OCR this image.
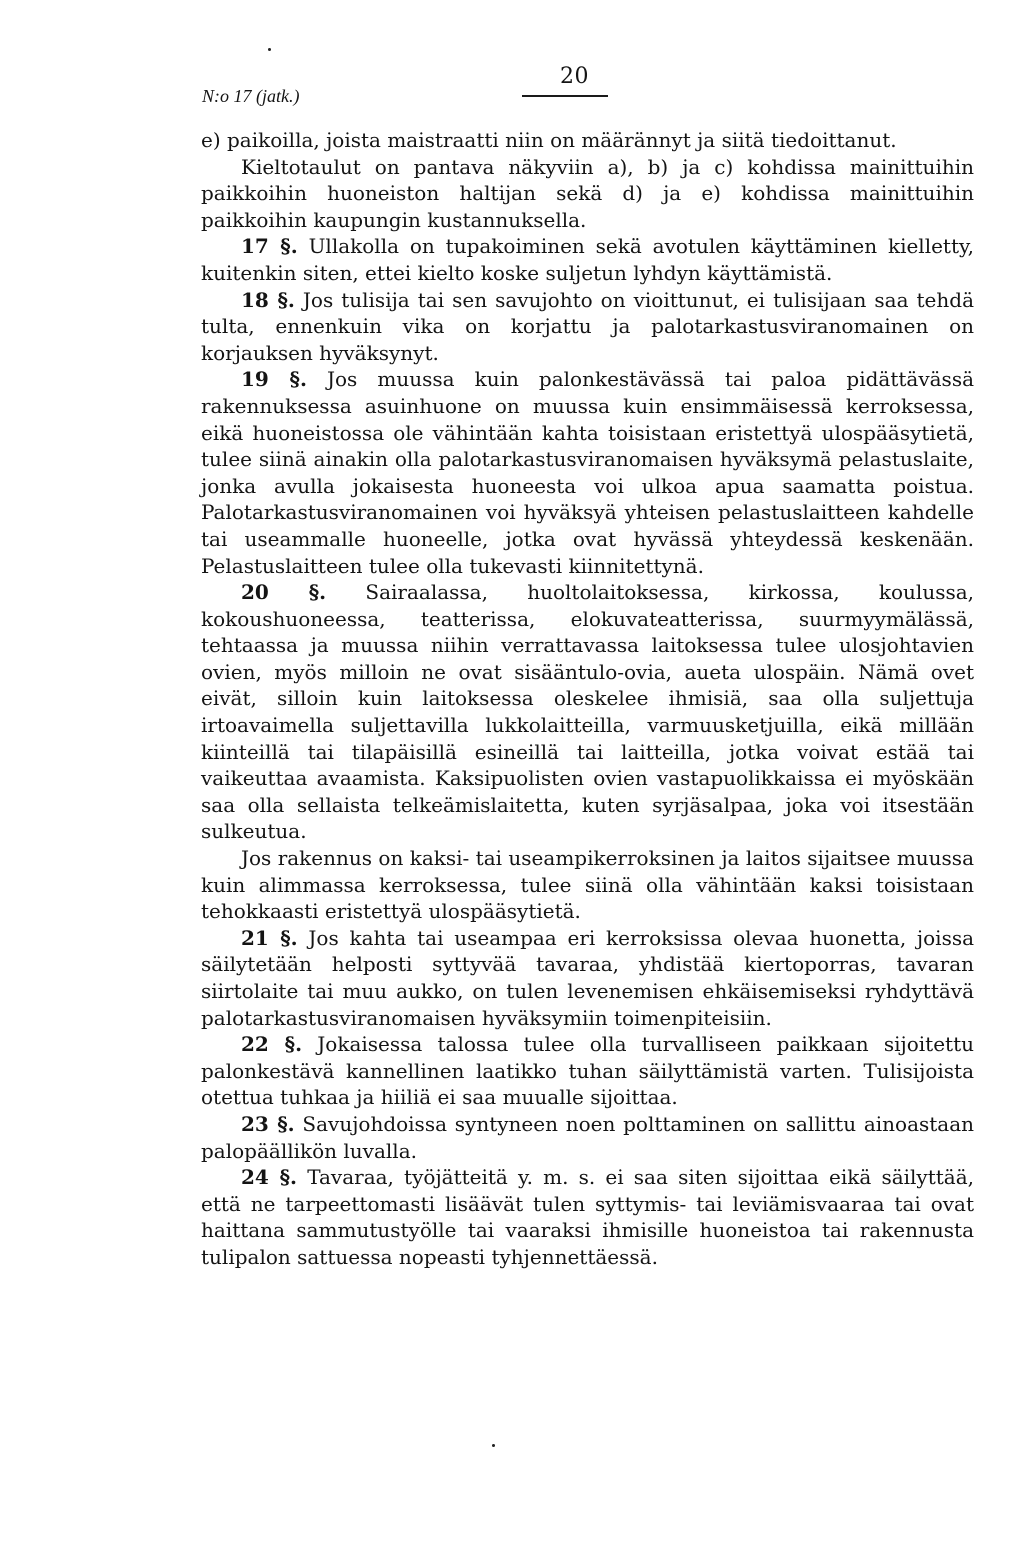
20
N:o 17 (jatk.)

e) paikoilla, joista maistraatti niin on määrännyt ja siitä tiedoittanut.

Kieltotaulut on pantava näkyviin a), b) ja c) kohdissa mainittuihin paikkoihin huoneiston haltijan sekä d) ja e) kohdissa mainittuihin paikkoihin kaupungin kustannuksella.

17 §. Ullakolla on tupakoiminen sekä avotulen käyttäminen kielletty, kuitenkin siten, ettei kielto koske suljetun lyhdyn käyttämistä.

18 §. Jos tulisija tai sen savujohto on vioittunut, ei tulisijaan saa tehdä tulta, ennenkuin vika on korjattu ja palotarkastusviranomainen on korjauksen hyväksynyt.

19 §. Jos muussa kuin palonkestävässä tai paloa pidättävässä rakennuksessa asuinhuone on muussa kuin ensimmäisessä kerroksessa, eikä huoneistossa ole vähintään kahta toisistaan eristettyä ulospääsytietä, tulee siinä ainakin olla palotarkastusviranomaisen hyväksymä pelastuslaite, jonka avulla jokaisesta huoneesta voi ulkoa apua saamatta poistua. Palotarkastusviranomainen voi hyväksyä yhteisen pelastuslaitteen kahdelle tai useammalle huoneelle, jotka ovat hyvässä yhteydessä keskenään. Pelastuslaitteen tulee olla tukevasti kiinnitettynä.

20 §. Sairaalassa, huoltolaitoksessa, kirkossa, koulussa, kokoushuoneessa, teatterissa, elokuvateatterissa, suurmyymälässä, tehtaassa ja muussa niihin verrattavassa laitoksessa tulee ulosjohtavien ovien, myös milloin ne ovat sisääntulo-ovia, aueta ulospäin. Nämä ovet eivät, silloin kuin laitoksessa oleskelee ihmisiä, saa olla suljettuja irtoavaimella suljettavilla lukkolaitteilla, varmuusketjuilla, eikä millään kiinteillä tai tilapäisillä esineillä tai laitteilla, jotka voivat estää tai vaikeuttaa avaamista. Kaksipuolisten ovien vastapuolikkaissa ei myöskään saa olla sellaista telkeämislaitetta, kuten syrjäsalpaa, joka voi itsestään sulkeutua.

Jos rakennus on kaksi- tai useampikerroksinen ja laitos sijaitsee muussa kuin alimmassa kerroksessa, tulee siinä olla vähintään kaksi toisistaan tehokkaasti eristettyä ulospääsytietä.

21 §. Jos kahta tai useampaa eri kerroksissa olevaa huonetta, joissa säilytetään helposti syttyvää tavaraa, yhdistää kiertoporras, tavaran siirtolaite tai muu aukko, on tulen levenemisen ehkäisemiseksi ryhdyttävä palotarkastusviranomaisen hyväksymiin toimenpiteisiin.

22 §. Jokaisessa talossa tulee olla turvalliseen paikkaan sijoitettu palonkestävä kannellinen laatikko tuhan säilyttämistä varten. Tulisijoista otettua tuhkaa ja hiiliä ei saa muualle sijoittaa.

23 §. Savujohdoissa syntyneen noen polttaminen on sallittu ainoastaan palopäällikön luvalla.

24 §. Tavaraa, työjätteitä y. m. s. ei saa siten sijoittaa eikä säilyttää, että ne tarpeettomasti lisäävät tulen syttymis- tai leviämisvaaraa tai ovat haittana sammutustyölle tai vaaraksi ihmisille huoneistoa tai rakennusta tulipalon sattuessa nopeasti tyhjennettäessä.
